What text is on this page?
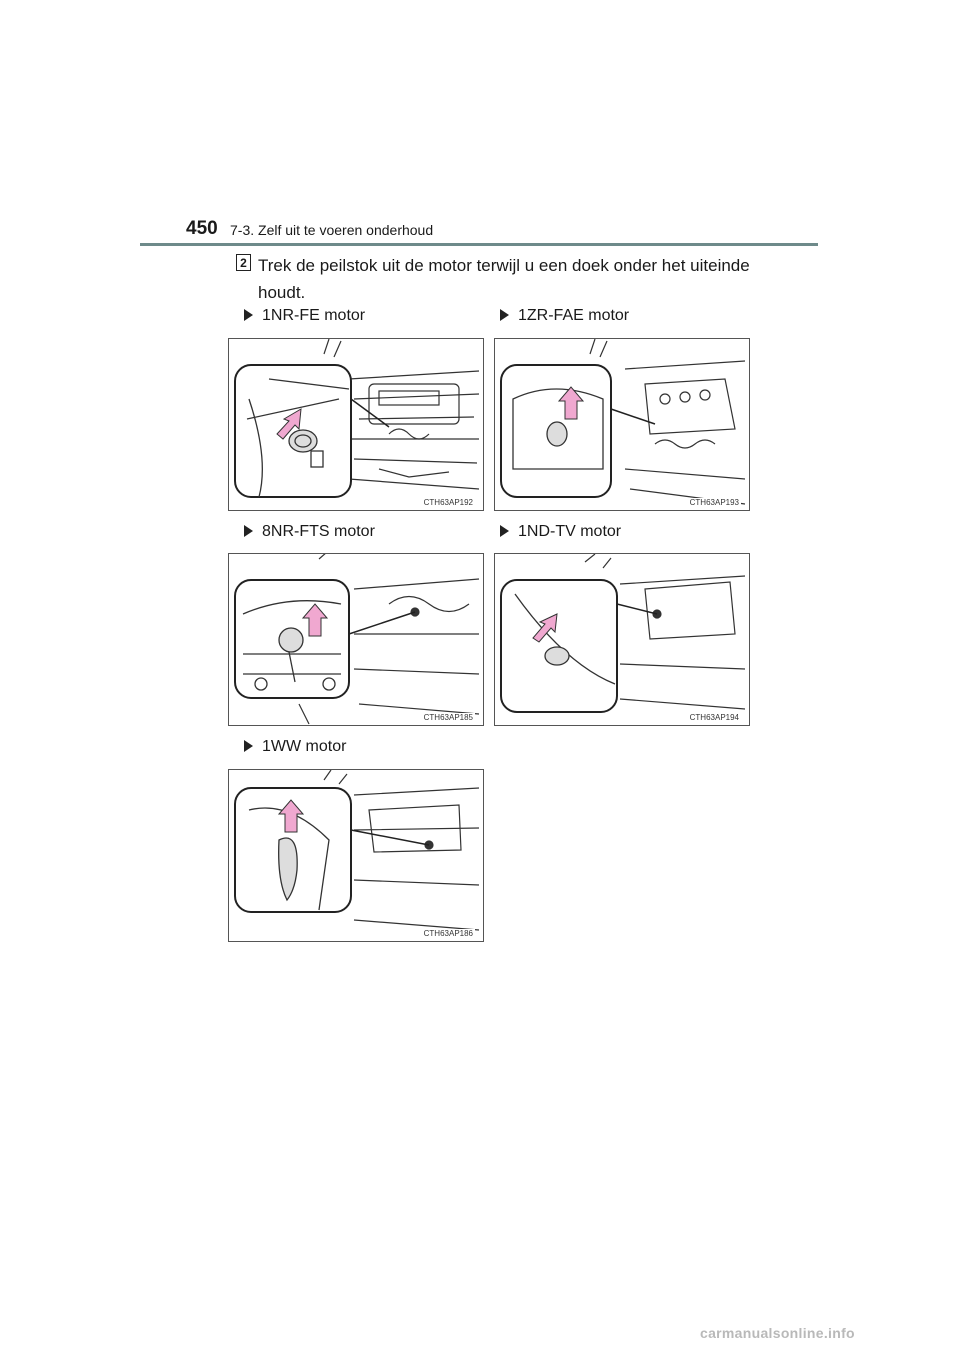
450 7-3. Zelf uit te voeren onderhoud
2 Trek de peilstok uit de motor terwijl u een doek onder het uiteinde houdt.
1NR-FE motor
CTH63AP192
1ZR-FAE motor
CTH63AP193
8NR-FTS motor
CTH63AP185
1ND-TV motor
CTH63AP194
1WW motor
CTH63AP186
carmanualsonline.info
